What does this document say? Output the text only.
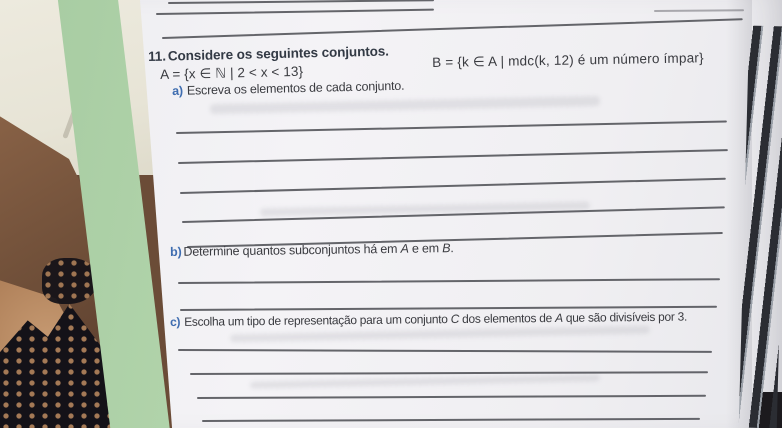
11. Considere os seguintes conjuntos.	B = {k ∈ A | mdc(k, 12) é um número ímpar}
A = {x ∈ ℕ | 2 < x < 13}
a) Escreva os elementos de cada conjunto.
b) Determine quantos subconjuntos há em A e em B.
c) Escolha um tipo de representação para um conjunto C dos elementos de A que são divisíveis por 3.
